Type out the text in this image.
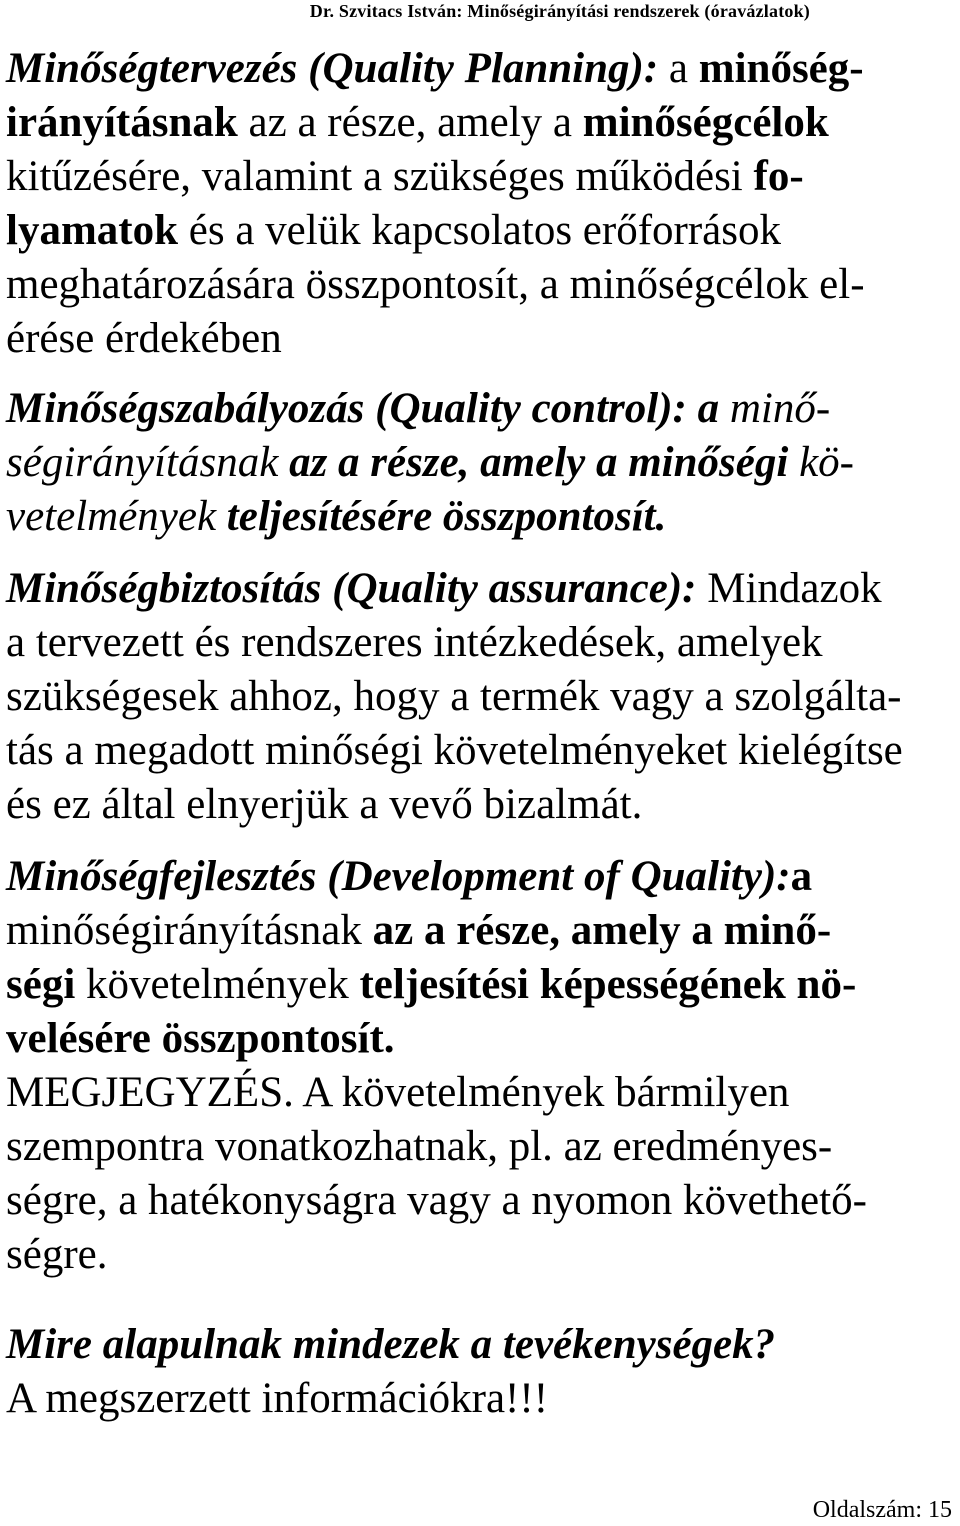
Dr. Szvitacs István: Minőségirányítási rendszerek (óravázlatok)
Minőségtervezés (Quality Planning): a minőség-
irányításnak az a része, amely a minőségcélok
kitűzésére, valamint a szükséges működési fo-
lyamatok és a velük kapcsolatos erőforrások
meghatározására összpontosít, a minőségcélok el-
érése érdekében
Minőségszabályozás (Quality control): a minő-
ségirányításnak az a része, amely a minőségi kö-
vetelmények teljesítésére összpontosít.
Minőségbiztosítás (Quality assurance): Mindazok
a tervezett és rendszeres intézkedések, amelyek
szükségesek ahhoz, hogy a termék vagy a szolgálta-
tás a megadott minőségi követelményeket kielégítse
és ez által elnyerjük a vevő bizalmát.
Minőségfejlesztés (Development of Quality):a
minőségirányításnak az a része, amely a minő-
ségi követelmények teljesítési képességének nö-
velésére összpontosít.
MEGJEGYZÉS. A követelmények bármilyen
szempontra vonatkozhatnak, pl. az eredményes-
ségre, a hatékonyságra vagy a nyomon követhető-
ségre.
Mire alapulnak mindezek a tevékenységek?
A megszerzett információkra!!!
Oldalszám: 15
